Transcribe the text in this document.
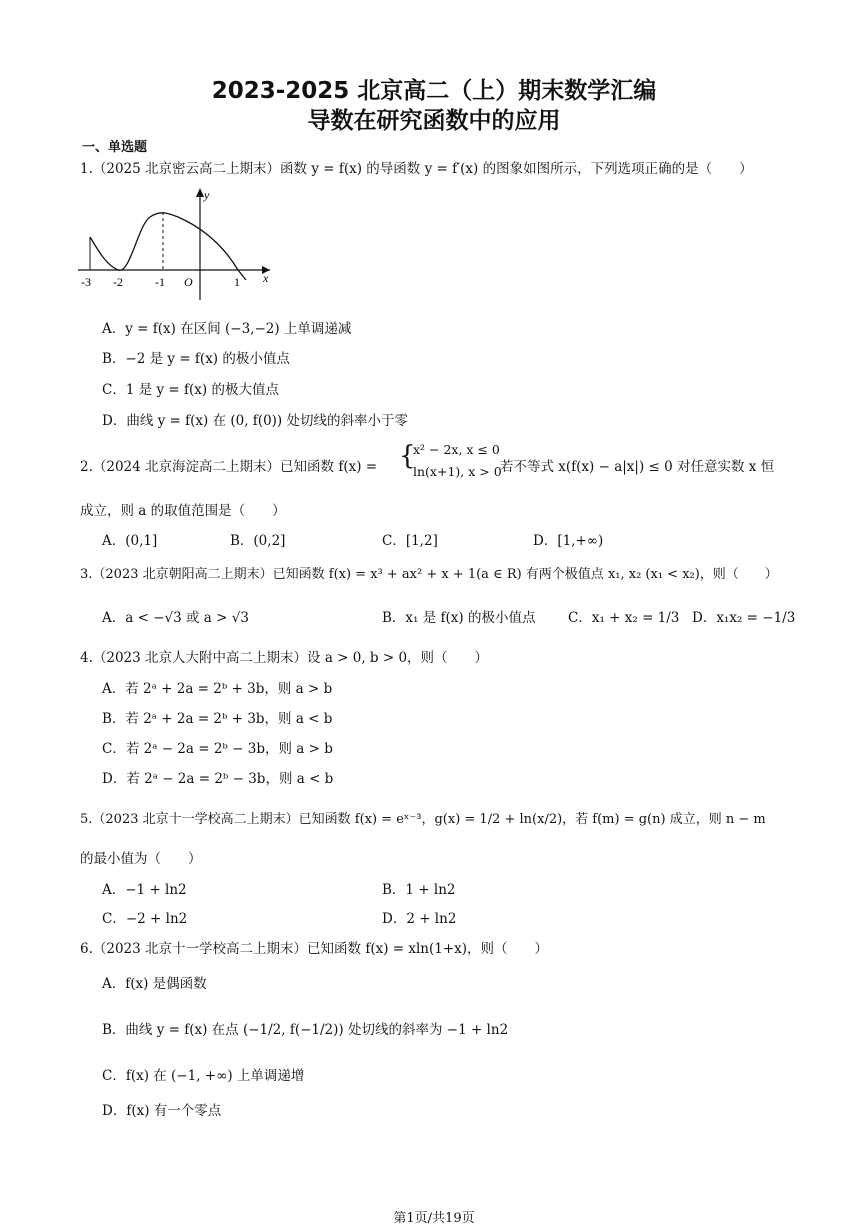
2023-2025 北京高二（上）期末数学汇编
导数在研究函数中的应用
一、单选题
1.（2025 北京密云高二上期末）函数 y = f(x) 的导函数 y = f′(x) 的图象如图所示，下列选项正确的是（　　）
y
x
O
-3 -2	-1	1
A．y = f(x) 在区间 (−3,−2) 上单调递减
B．−2 是 y = f(x) 的极小值点
C．1 是 y = f(x) 的极大值点
D．曲线 y = f(x) 在 (0, f(0)) 处切线的斜率小于零
2.（2024 北京海淀高二上期末）已知函数 f(x) = {
x² − 2x, x ≤ 0
ln(x+1), x > 0
若不等式 x(f(x) − a|x|) ≤ 0 对任意实数 x 恒
成立，则 a 的取值范围是（　　）
A．(0,1]	B．(0,2]	C．[1,2]	D．[1,+∞)
3.（2023 北京朝阳高二上期末）已知函数 f(x) = x³ + ax² + x + 1(a ∈ R) 有两个极值点 x₁, x₂ (x₁ < x₂)，则（　　）
A．a < −√3 或 a > √3	B．x₁ 是 f(x) 的极小值点 C．x₁ + x₂ = 1/3 D．x₁x₂ = −1/3
4.（2023 北京人大附中高二上期末）设 a > 0, b > 0，则（　　）
A．若 2ᵃ + 2a = 2ᵇ + 3b，则 a > b
B．若 2ᵃ + 2a = 2ᵇ + 3b，则 a < b
C．若 2ᵃ − 2a = 2ᵇ − 3b，则 a > b
D．若 2ᵃ − 2a = 2ᵇ − 3b，则 a < b
5.（2023 北京十一学校高二上期末）已知函数 f(x) = eˣ⁻³，g(x) = 1/2 + ln(x/2)，若 f(m) = g(n) 成立，则 n − m
的最小值为（　　）
A．−1 + ln2	B．1 + ln2
C．−2 + ln2	D．2 + ln2
6.（2023 北京十一学校高二上期末）已知函数 f(x) = xln(1+x)，则（　　）
A．f(x) 是偶函数
B．曲线 y = f(x) 在点 (−1/2, f(−1/2)) 处切线的斜率为 −1 + ln2
C．f(x) 在 (−1, +∞) 上单调递增
D．f(x) 有一个零点
第1页/共19页
